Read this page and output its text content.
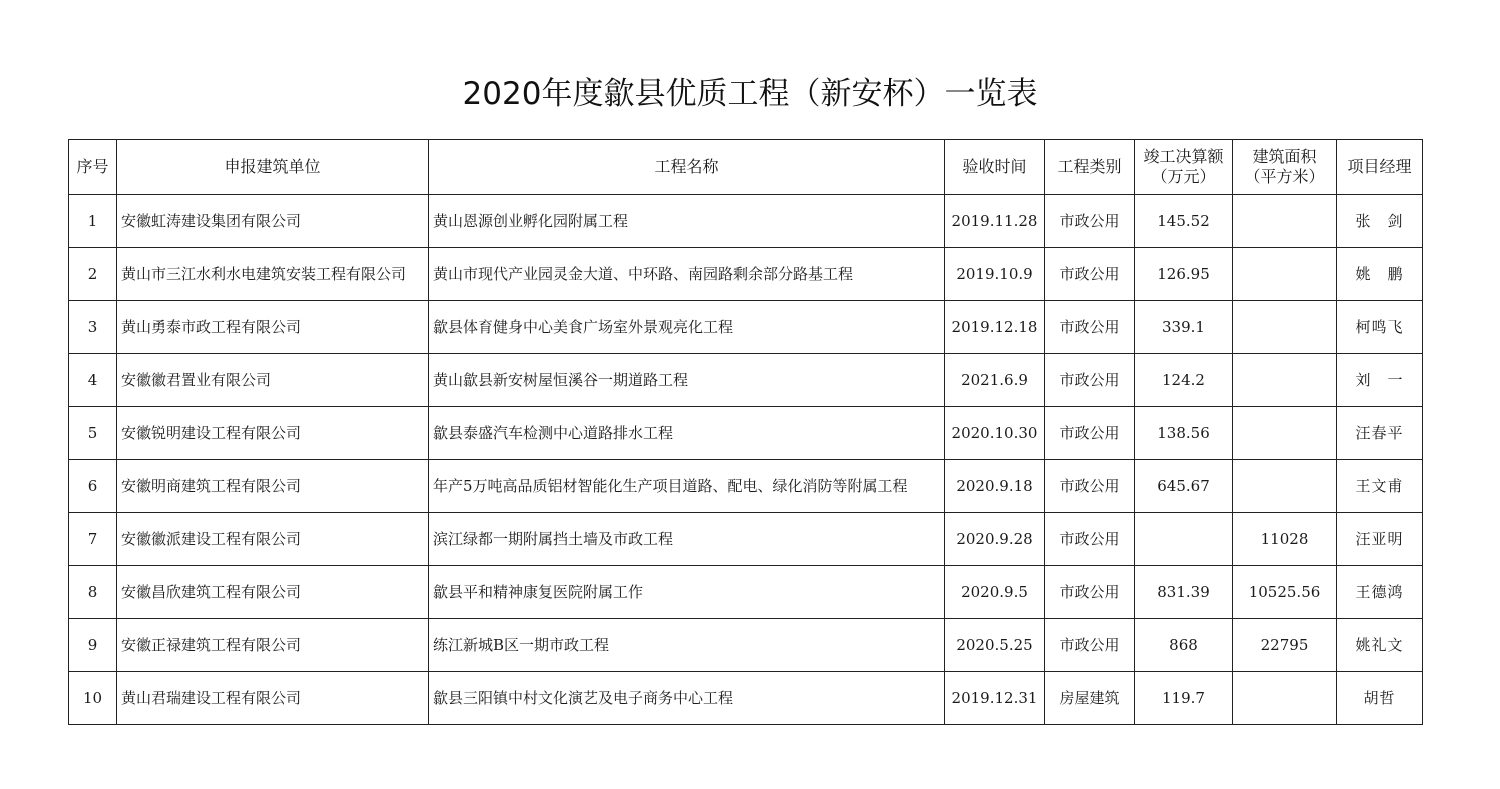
2020年度歙县优质工程（新安杯）一览表
序号	申报建筑单位	工程名称	验收时间	工程类别	竣工决算额（万元）	建筑面积（平方米）	项目经理
1	安徽虹涛建设集团有限公司	黄山恩源创业孵化园附属工程	2019.11.28	市政公用	145.52		张　剑
2	黄山市三江水利水电建筑安装工程有限公司	黄山市现代产业园灵金大道、中环路、南园路剩余部分路基工程	2019.10.9	市政公用	126.95		姚　鹏
3	黄山勇泰市政工程有限公司	歙县体育健身中心美食广场室外景观亮化工程	2019.12.18	市政公用	339.1		柯鸣飞
4	安徽徽君置业有限公司	黄山歙县新安树屋恒溪谷一期道路工程	2021.6.9	市政公用	124.2		刘　一
5	安徽锐明建设工程有限公司	歙县泰盛汽车检测中心道路排水工程	2020.10.30	市政公用	138.56		汪春平
6	安徽明商建筑工程有限公司	年产5万吨高品质铝材智能化生产项目道路、配电、绿化消防等附属工程	2020.9.18	市政公用	645.67		王文甫
7	安徽徽派建设工程有限公司	滨江绿都一期附属挡土墙及市政工程	2020.9.28	市政公用		11028	汪亚明
8	安徽昌欣建筑工程有限公司	歙县平和精神康复医院附属工作	2020.9.5	市政公用	831.39	10525.56	王德鸿
9	安徽正禄建筑工程有限公司	练江新城B区一期市政工程	2020.5.25	市政公用	868	22795	姚礼文
10	黄山君瑞建设工程有限公司	歙县三阳镇中村文化演艺及电子商务中心工程	2019.12.31	房屋建筑	119.7		胡哲
